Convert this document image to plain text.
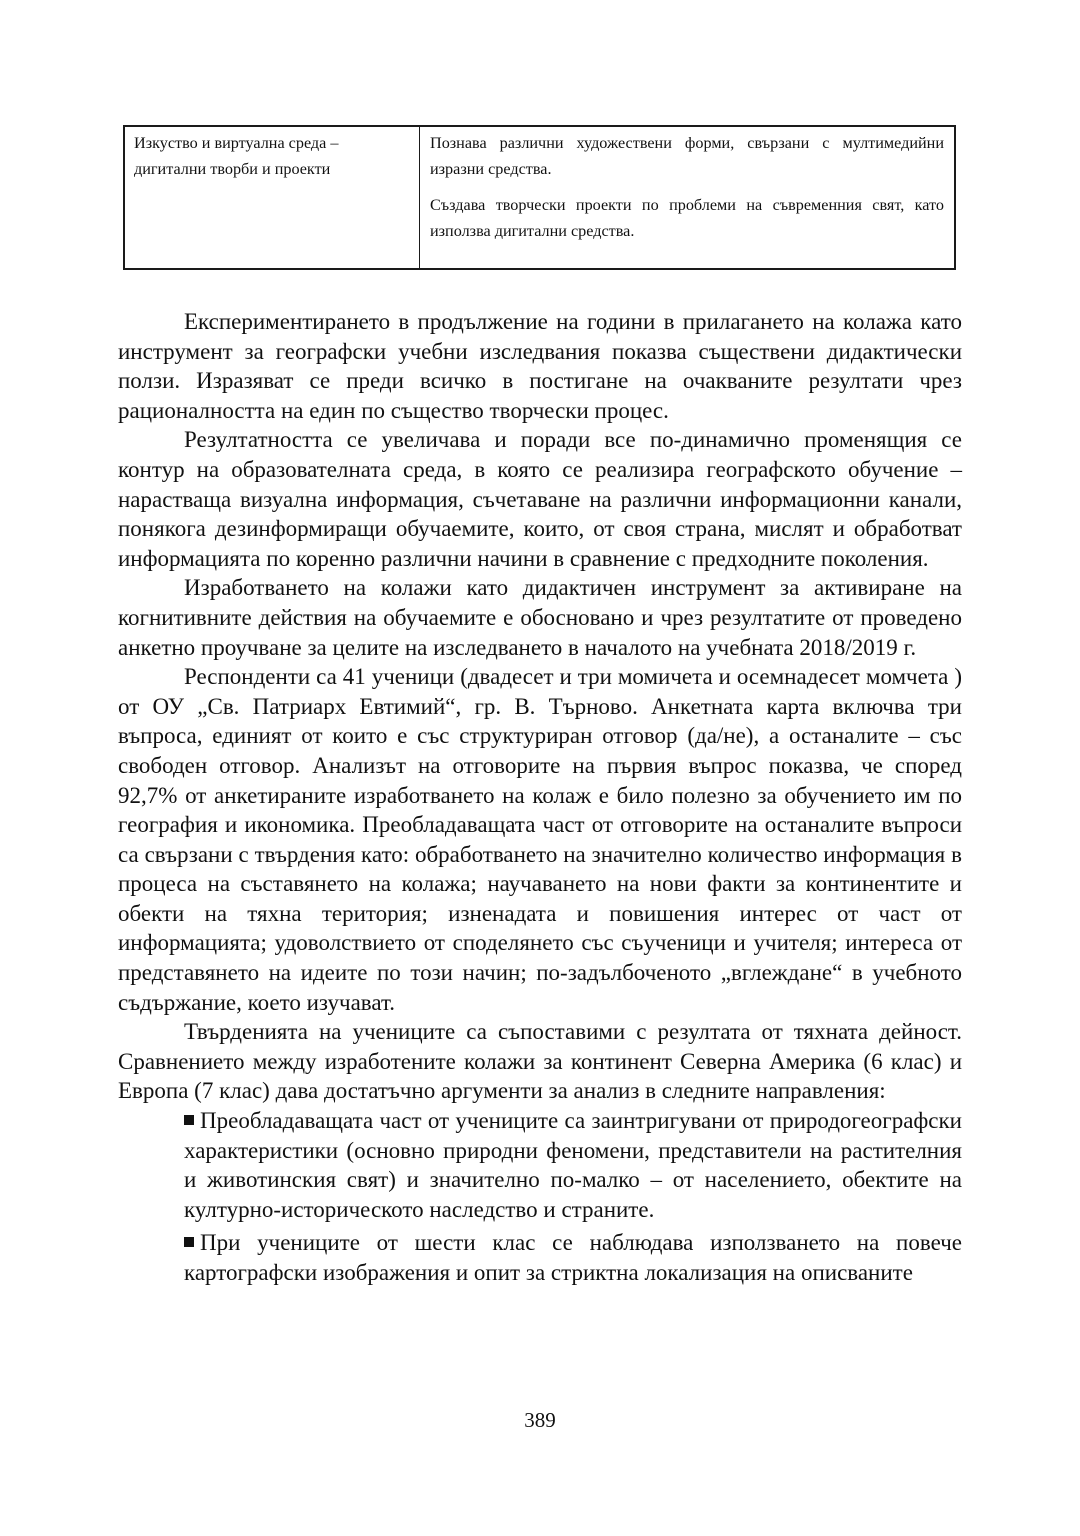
Изкуство и виртуална среда – дигитални творби и проекти

Познава различни художествени форми, свързани с мултимедийни изразни средства.

Създава творчески проекти по проблеми на съвременния свят, като използва дигитални средства.

Експериментирането в продължение на години в прилагането на колажа като инструмент за географски учебни изследвания показва съществени дидактически ползи. Изразяват се преди всичко в постигане на очакваните резултати чрез рационалността на един по същество творчески процес.

Резултатността се увеличава и поради все по-динамично променящия се контур на образователната среда, в която се реализира географското обучение – нарастваща визуална информация, съчетаване на различни информационни канали, понякога дезинформиращи обучаемите, които, от своя страна, мислят и обработват информацията по коренно различни начини в сравнение с предходните поколения.

Изработването на колажи като дидактичен инструмент за активиране на когнитивните действия на обучаемите е обосновано и чрез резултатите от проведено анкетно проучване за целите на изследването в началото на учебната 2018/2019 г.

Респонденти са 41 ученици (двадесет и три момичета и осемнадесет момчета ) от ОУ „Св. Патриарх Евтимий“, гр. В. Търново. Анкетната карта включва три въпроса, единият от които е със структуриран отговор (да/не), а останалите – със свободен отговор. Анализът на отговорите на първия въпрос показва, че според 92,7% от анкетираните изработването на колаж е било полезно за обучението им по география и икономика. Преобладаващата част от отговорите на останалите въпроси са свързани с твърдения като: обработването на значително количество информация в процеса на съставянето на колажа; научаването на нови факти за континентите и обекти на тяхна територия; изненадата и повишения интерес от част от информацията; удоволствието от споделянето със съученици и учителя; интереса от представянето на идеите по този начин; по-задълбоченото „вглеждане“ в учебното съдържание, което изучават.

Твърденията на учениците са съпоставими с резултата от тяхната дейност. Сравнението между изработените колажи за континент Северна Америка (6 клас) и Европа (7 клас) дава достатъчно аргументи за анализ в следните направления:

Преобладаващата част от учениците са заинтригувани от природогеографски характеристики (основно природни феномени, представители на растителния и животинския свят) и значително по-малко – от населението, обектите на културно-историческото наследство и страните.
При учениците от шести клас се наблюдава използването на повече картографски изображения и опит за стриктна локализация на описваните
389
